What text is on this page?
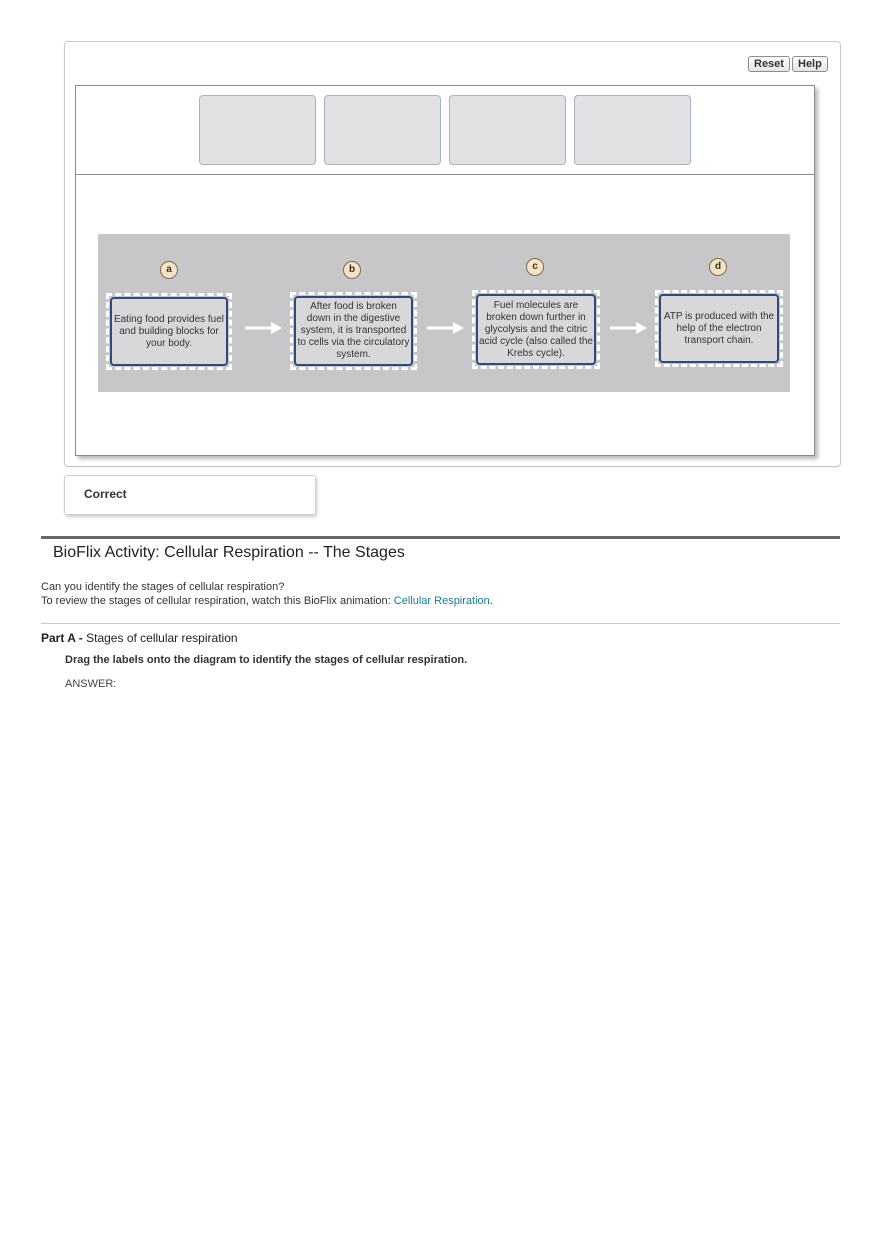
Reset	Help
a
Eating food provides fuel and building blocks for your body.
b
After food is broken down in the digestive system, it is transported to cells via the circulatory system.
c
Fuel molecules are broken down further in glycolysis and the citric acid cycle (also called the Krebs cycle).
d
ATP is produced with the help of the electron transport chain.
Correct
BioFlix Activity: Cellular Respiration -- The Stages
Can you identify the stages of cellular respiration?
To review the stages of cellular respiration, watch this BioFlix animation: Cellular Respiration.
Part A - Stages of cellular respiration
Drag the labels onto the diagram to identify the stages of cellular respiration.
ANSWER:
